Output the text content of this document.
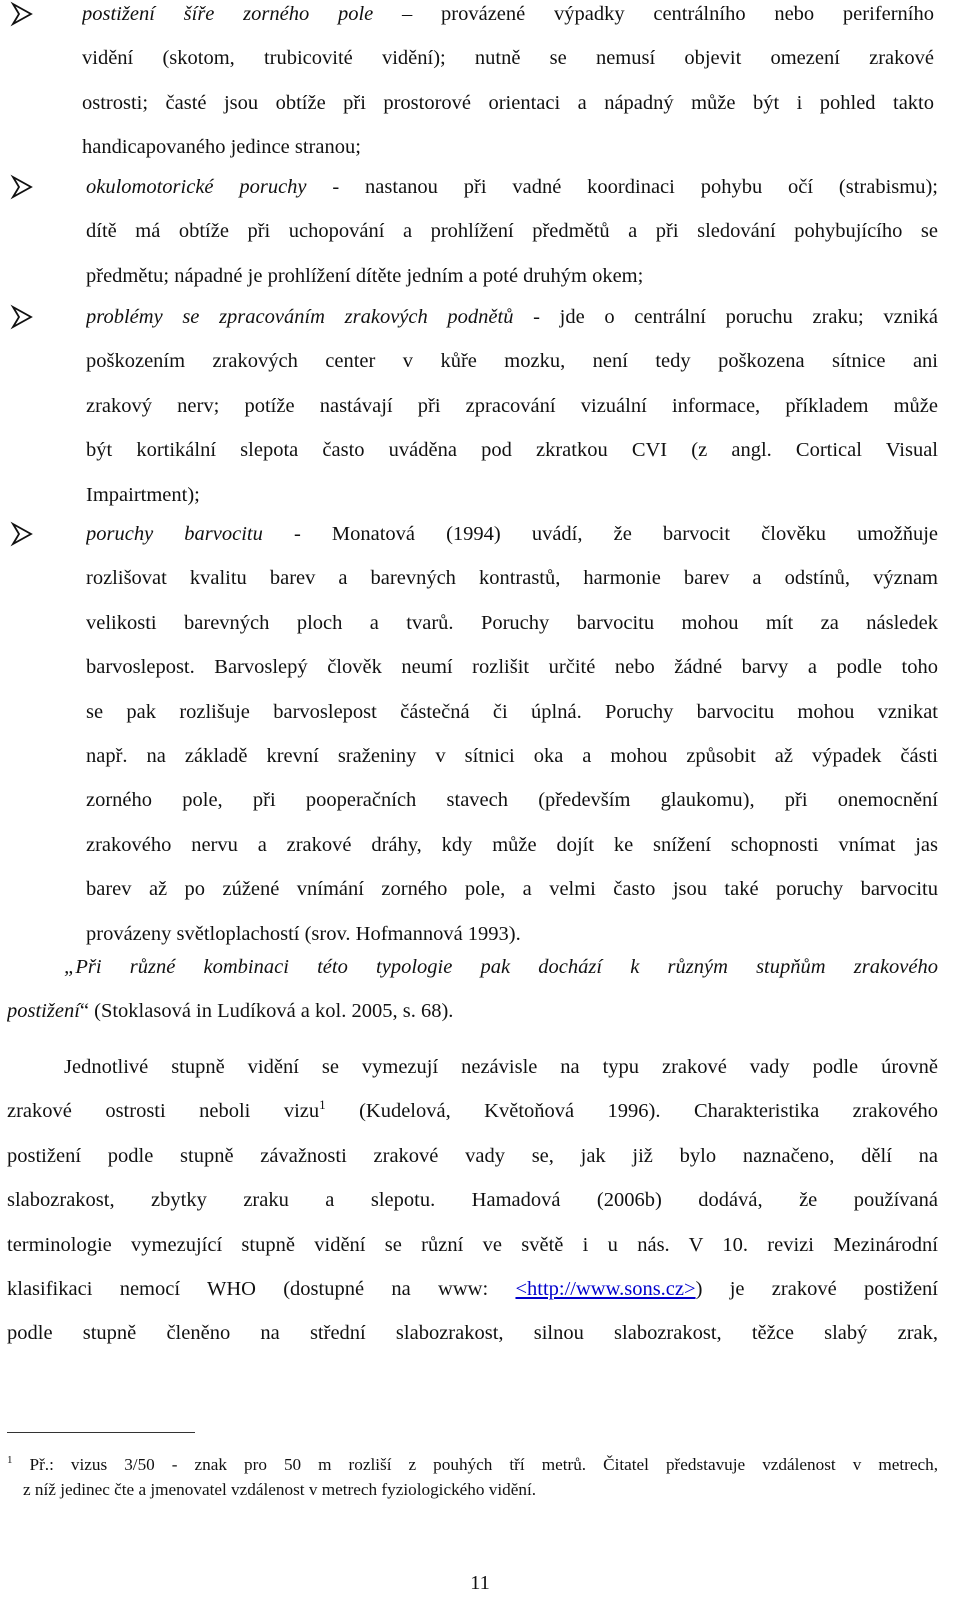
postižení šíře zorného pole – provázené výpadky centrálního nebo periferního
vidění (skotom, trubicovité vidění); nutně se nemusí objevit omezení zrakové
ostrosti; časté jsou obtíže při prostorové orientaci a nápadný může být i pohled takto
handicapovaného jedince stranou;
okulomotorické poruchy - nastanou při vadné koordinaci pohybu očí (strabismu);
dítě má obtíže při uchopování a prohlížení předmětů a při sledování pohybujícího se
předmětu; nápadné je prohlížení dítěte jedním a poté druhým okem;
problémy se zpracováním zrakových podnětů - jde o centrální poruchu zraku; vzniká
poškozením zrakových center v kůře mozku, není tedy poškozena sítnice ani
zrakový nerv; potíže nastávají při zpracování vizuální informace, příkladem může
být kortikální slepota často uváděna pod zkratkou CVI (z angl. Cortical Visual
Impairtment);
poruchy barvocitu - Monatová (1994) uvádí, že barvocit člověku umožňuje
rozlišovat kvalitu barev a barevných kontrastů, harmonie barev a odstínů, význam
velikosti barevných ploch a tvarů. Poruchy barvocitu mohou mít za následek
barvoslepost. Barvoslepý člověk neumí rozlišit určité nebo žádné barvy a podle toho
se pak rozlišuje barvoslepost částečná či úplná. Poruchy barvocitu mohou vznikat
např. na základě krevní sraženiny v sítnici oka a mohou způsobit až výpadek části
zorného pole, při pooperačních stavech (především glaukomu), při onemocnění
zrakového nervu a zrakové dráhy, kdy může dojít ke snížení schopnosti vnímat jas
barev až po zúžené vnímání zorného pole, a velmi často jsou také poruchy barvocitu
provázeny světloplachostí (srov. Hofmannová 1993).
„Při různé kombinaci této typologie pak dochází k různým stupňům zrakového
postižení“ (Stoklasová in Ludíková a kol. 2005, s. 68).
Jednotlivé stupně vidění se vymezují nezávisle na typu zrakové vady podle úrovně
zrakové ostrosti neboli vizu$^1$ (Kudelová, Květoňová 1996). Charakteristika zrakového
postižení podle stupně závažnosti zrakové vady se, jak již bylo naznačeno, dělí na
slabozrakost, zbytky zraku a slepotu. Hamadová (2006b) dodává, že používaná
terminologie vymezující stupně vidění se různí ve světě i u nás. V 10. revizi Mezinárodní
klasifikaci nemocí WHO (dostupné na www: <http://www.sons.cz>) je zrakové postižení
podle stupně členěno na střední slabozrakost, silnou slabozrakost, těžce slabý zrak,
$^1$ Př.: vizus 3/50 - znak pro 50 m rozliší z pouhých tří metrů. Čitatel představuje vzdálenost v metrech,
z níž jedinec čte a jmenovatel vzdálenost v metrech fyziologického vidění.
11
